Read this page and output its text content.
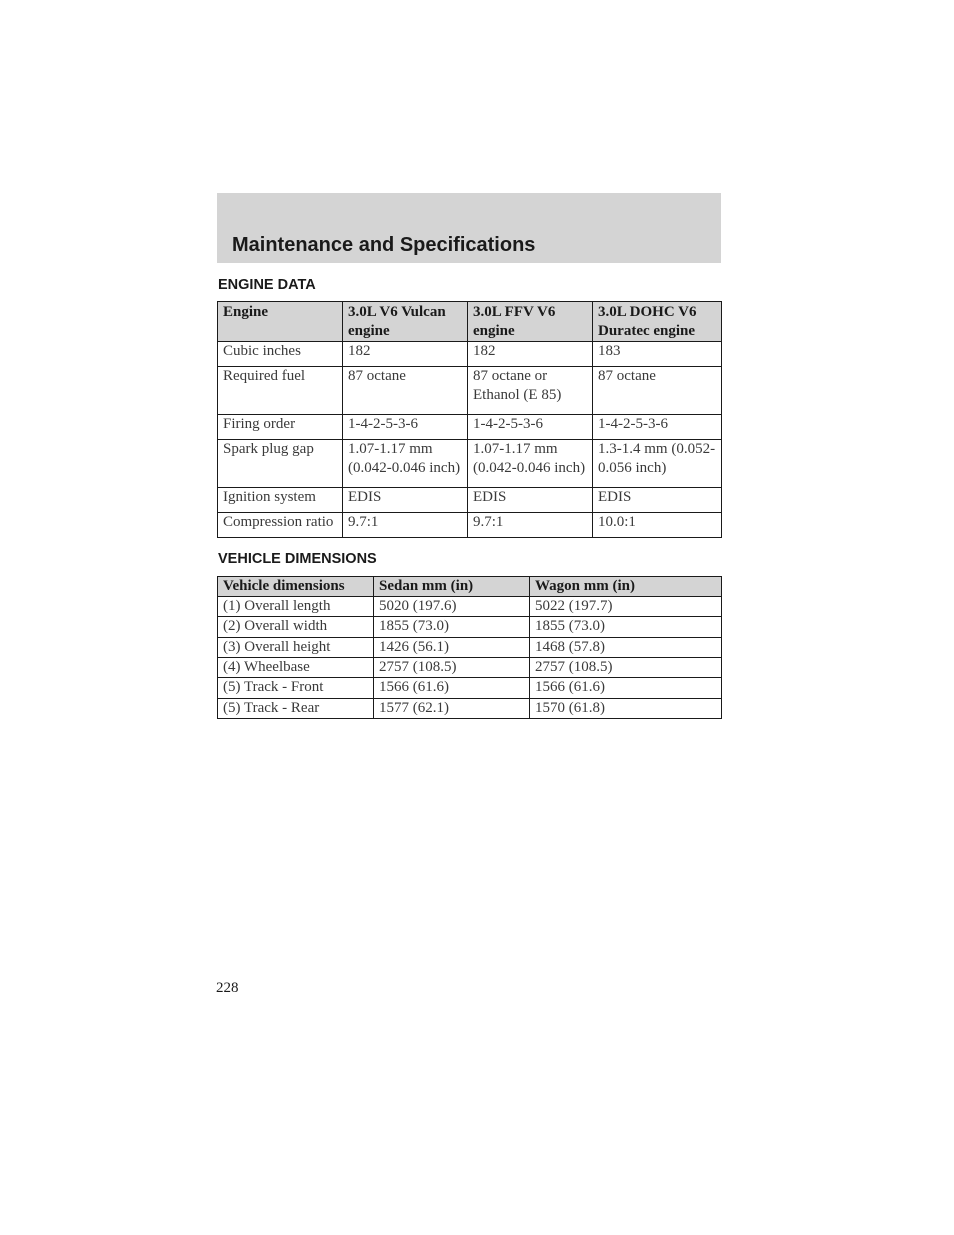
Maintenance and Specifications
ENGINE DATA
Engine	3.0L V6 Vulcan engine	3.0L FFV V6 engine	3.0L DOHC V6 Duratec engine
Cubic inches	182	182	183
Required fuel	87 octane	87 octane or Ethanol (E 85)	87 octane
Firing order	1-4-2-5-3-6	1-4-2-5-3-6	1-4-2-5-3-6
Spark plug gap	1.07-1.17 mm (0.042-0.046 inch)	1.07-1.17 mm (0.042-0.046 inch)	1.3-1.4 mm (0.052-0.056 inch)
Ignition system	EDIS	EDIS	EDIS
Compression ratio	9.7:1	9.7:1	10.0:1
VEHICLE DIMENSIONS
Vehicle dimensions	Sedan mm (in)	Wagon mm (in)
(1) Overall length	5020 (197.6)	5022 (197.7)
(2) Overall width	1855 (73.0)	1855 (73.0)
(3) Overall height	1426 (56.1)	1468 (57.8)
(4) Wheelbase	2757 (108.5)	2757 (108.5)
(5) Track - Front	1566 (61.6)	1566 (61.6)
(5) Track - Rear	1577 (62.1)	1570 (61.8)

228
